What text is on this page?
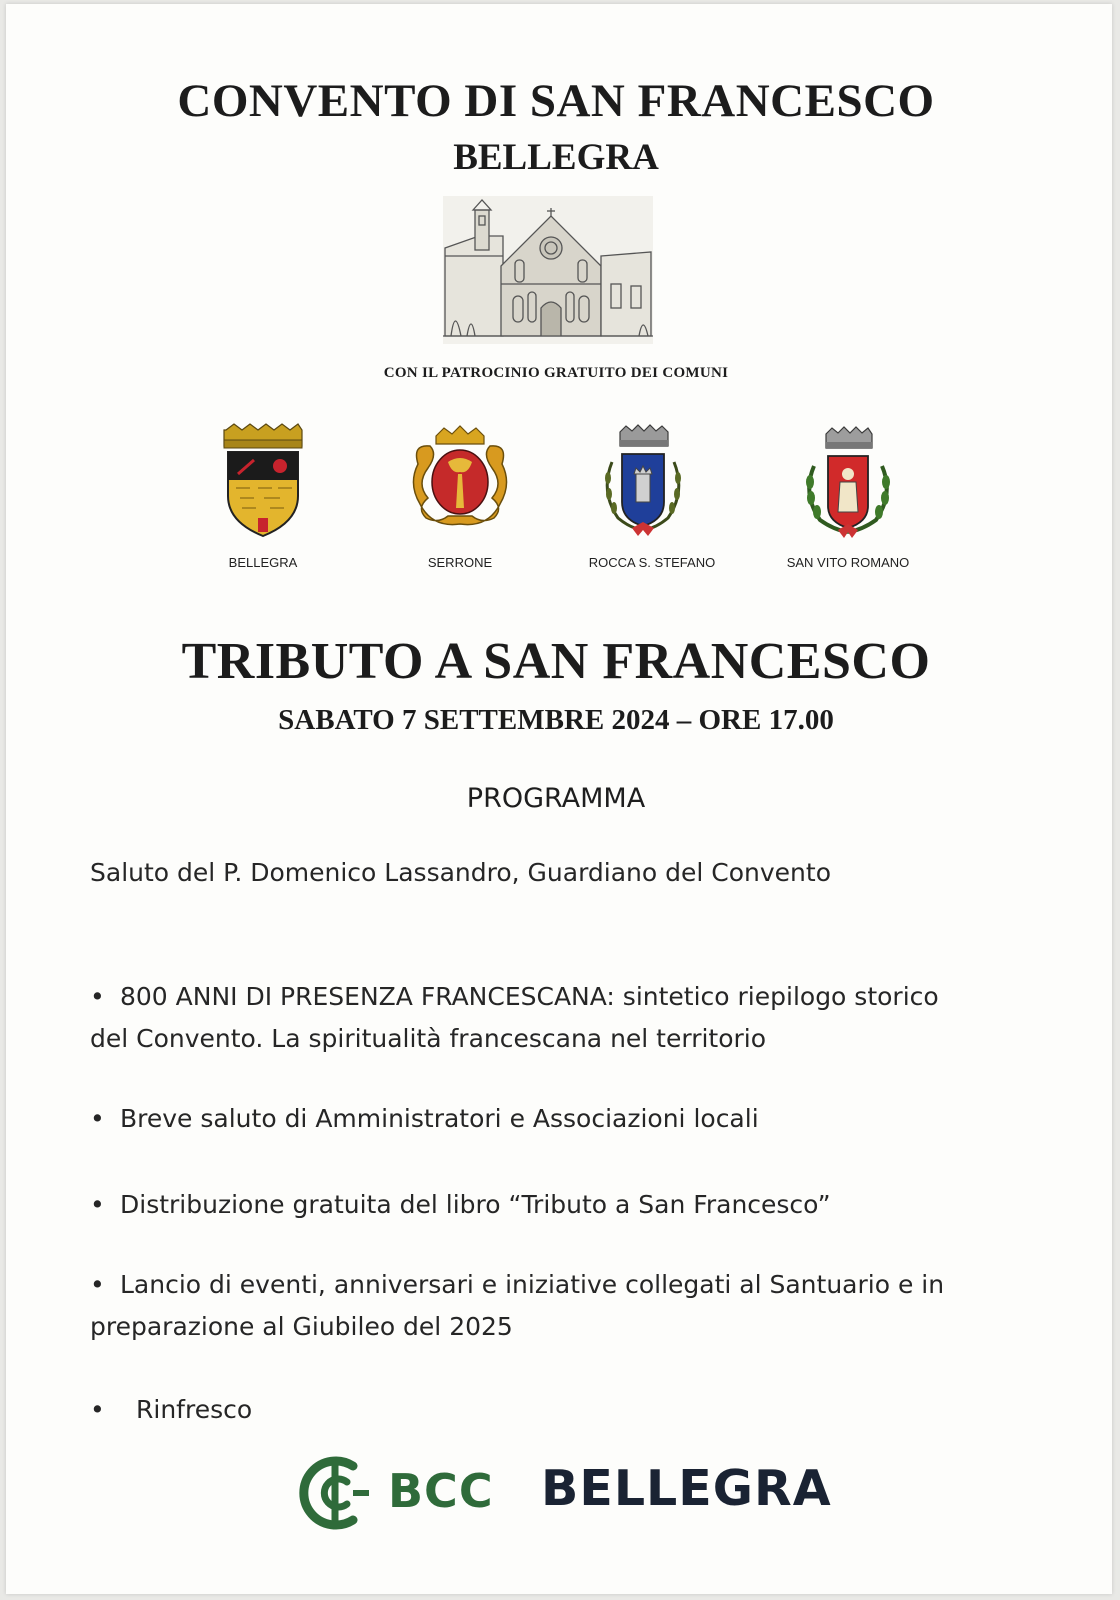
CONVENTO DI SAN FRANCESCO
BELLEGRA
CON IL PATROCINIO GRATUITO DEI COMUNI
BELLEGRA	SERRONE	ROCCA S. STEFANO	SAN VITO ROMANO
TRIBUTO A SAN FRANCESCO
SABATO 7 SETTEMBRE 2024 – ORE 17.00
PROGRAMMA
Saluto del P. Domenico Lassandro, Guardiano del Convento
• 800 ANNI DI PRESENZA FRANCESCANA: sintetico riepilogo storico
del Convento. La spiritualità francescana nel territorio
• Breve saluto di Amministratori e Associazioni locali
• Distribuzione gratuita del libro “Tributo a San Francesco”
• Lancio di eventi, anniversari e iniziative collegati al Santuario e in
preparazione al Giubileo del 2025
• Rinfresco
BCC BELLEGRA
